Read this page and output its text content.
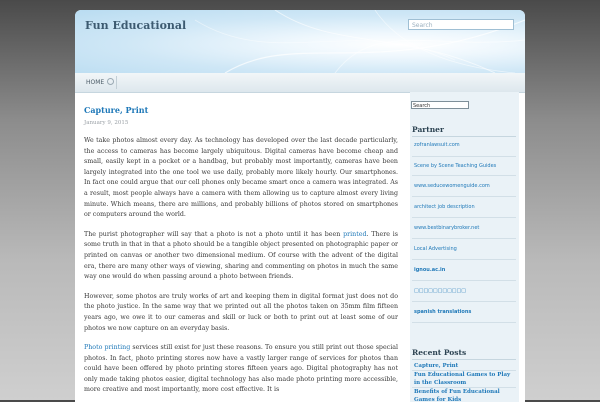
Fun Educational	Search
HOME
Capture, Print
January 9, 2015

We take photos almost every day. As technology has developed over the last decade particularly, the access to cameras has become largely ubiquitous. Digital cameras have become cheap and small, easily kept in a pocket or a handbag, but probably most importantly, cameras have been largely integrated into the one tool we use daily, probably more likely hourly. Our smartphones. In fact one could argue that our cell phones only became smart once a camera was integrated. As a result, most people always have a camera with them allowing us to capture almost every living minute. Which means, there are millions, and probably billions of photos stored on smartphones or computers around the world.

The purist photographer will say that a photo is not a photo until it has been printed. There is some truth in that in that a photo should be a tangible object presented on photographic paper or printed on canvas or another two dimensional medium. Of course with the advent of the digital era, there are many other ways of viewing, sharing and commenting on photos in much the same way one would do when passing around a photo between friends.

However, some photos are truly works of art and keeping them in digital format just does not do the photo justice. In the same way that we printed out all the photos taken on 35mm film fifteen years ago, we owe it to our cameras and skill or luck or both to print out at least some of our photos we now capture on an everyday basis.

Photo printing services still exist for just these reasons. To ensure you still print out those special photos. In fact, photo printing stores now have a vastly larger range of services for photos than could have been offered by photo printing stores fifteen years ago. Digital photography has not only made taking photos easier, digital technology has also made photo printing more accessible, more creative and most importantly, more cost effective. It is

Search
Partner
zofranlawsuit.com
Scene by Scene Teaching Guides
www.seducewomenguide.com
architect job description
www.bestbinarybroker.net
Local Advertising
ignou.ac.in
□□□□□□□□□□□
spanish translations
Recent Posts
Capture, Print
Fun Educational Games to Play in the Classroom
Benefits of Fun Educational Games for Kids
